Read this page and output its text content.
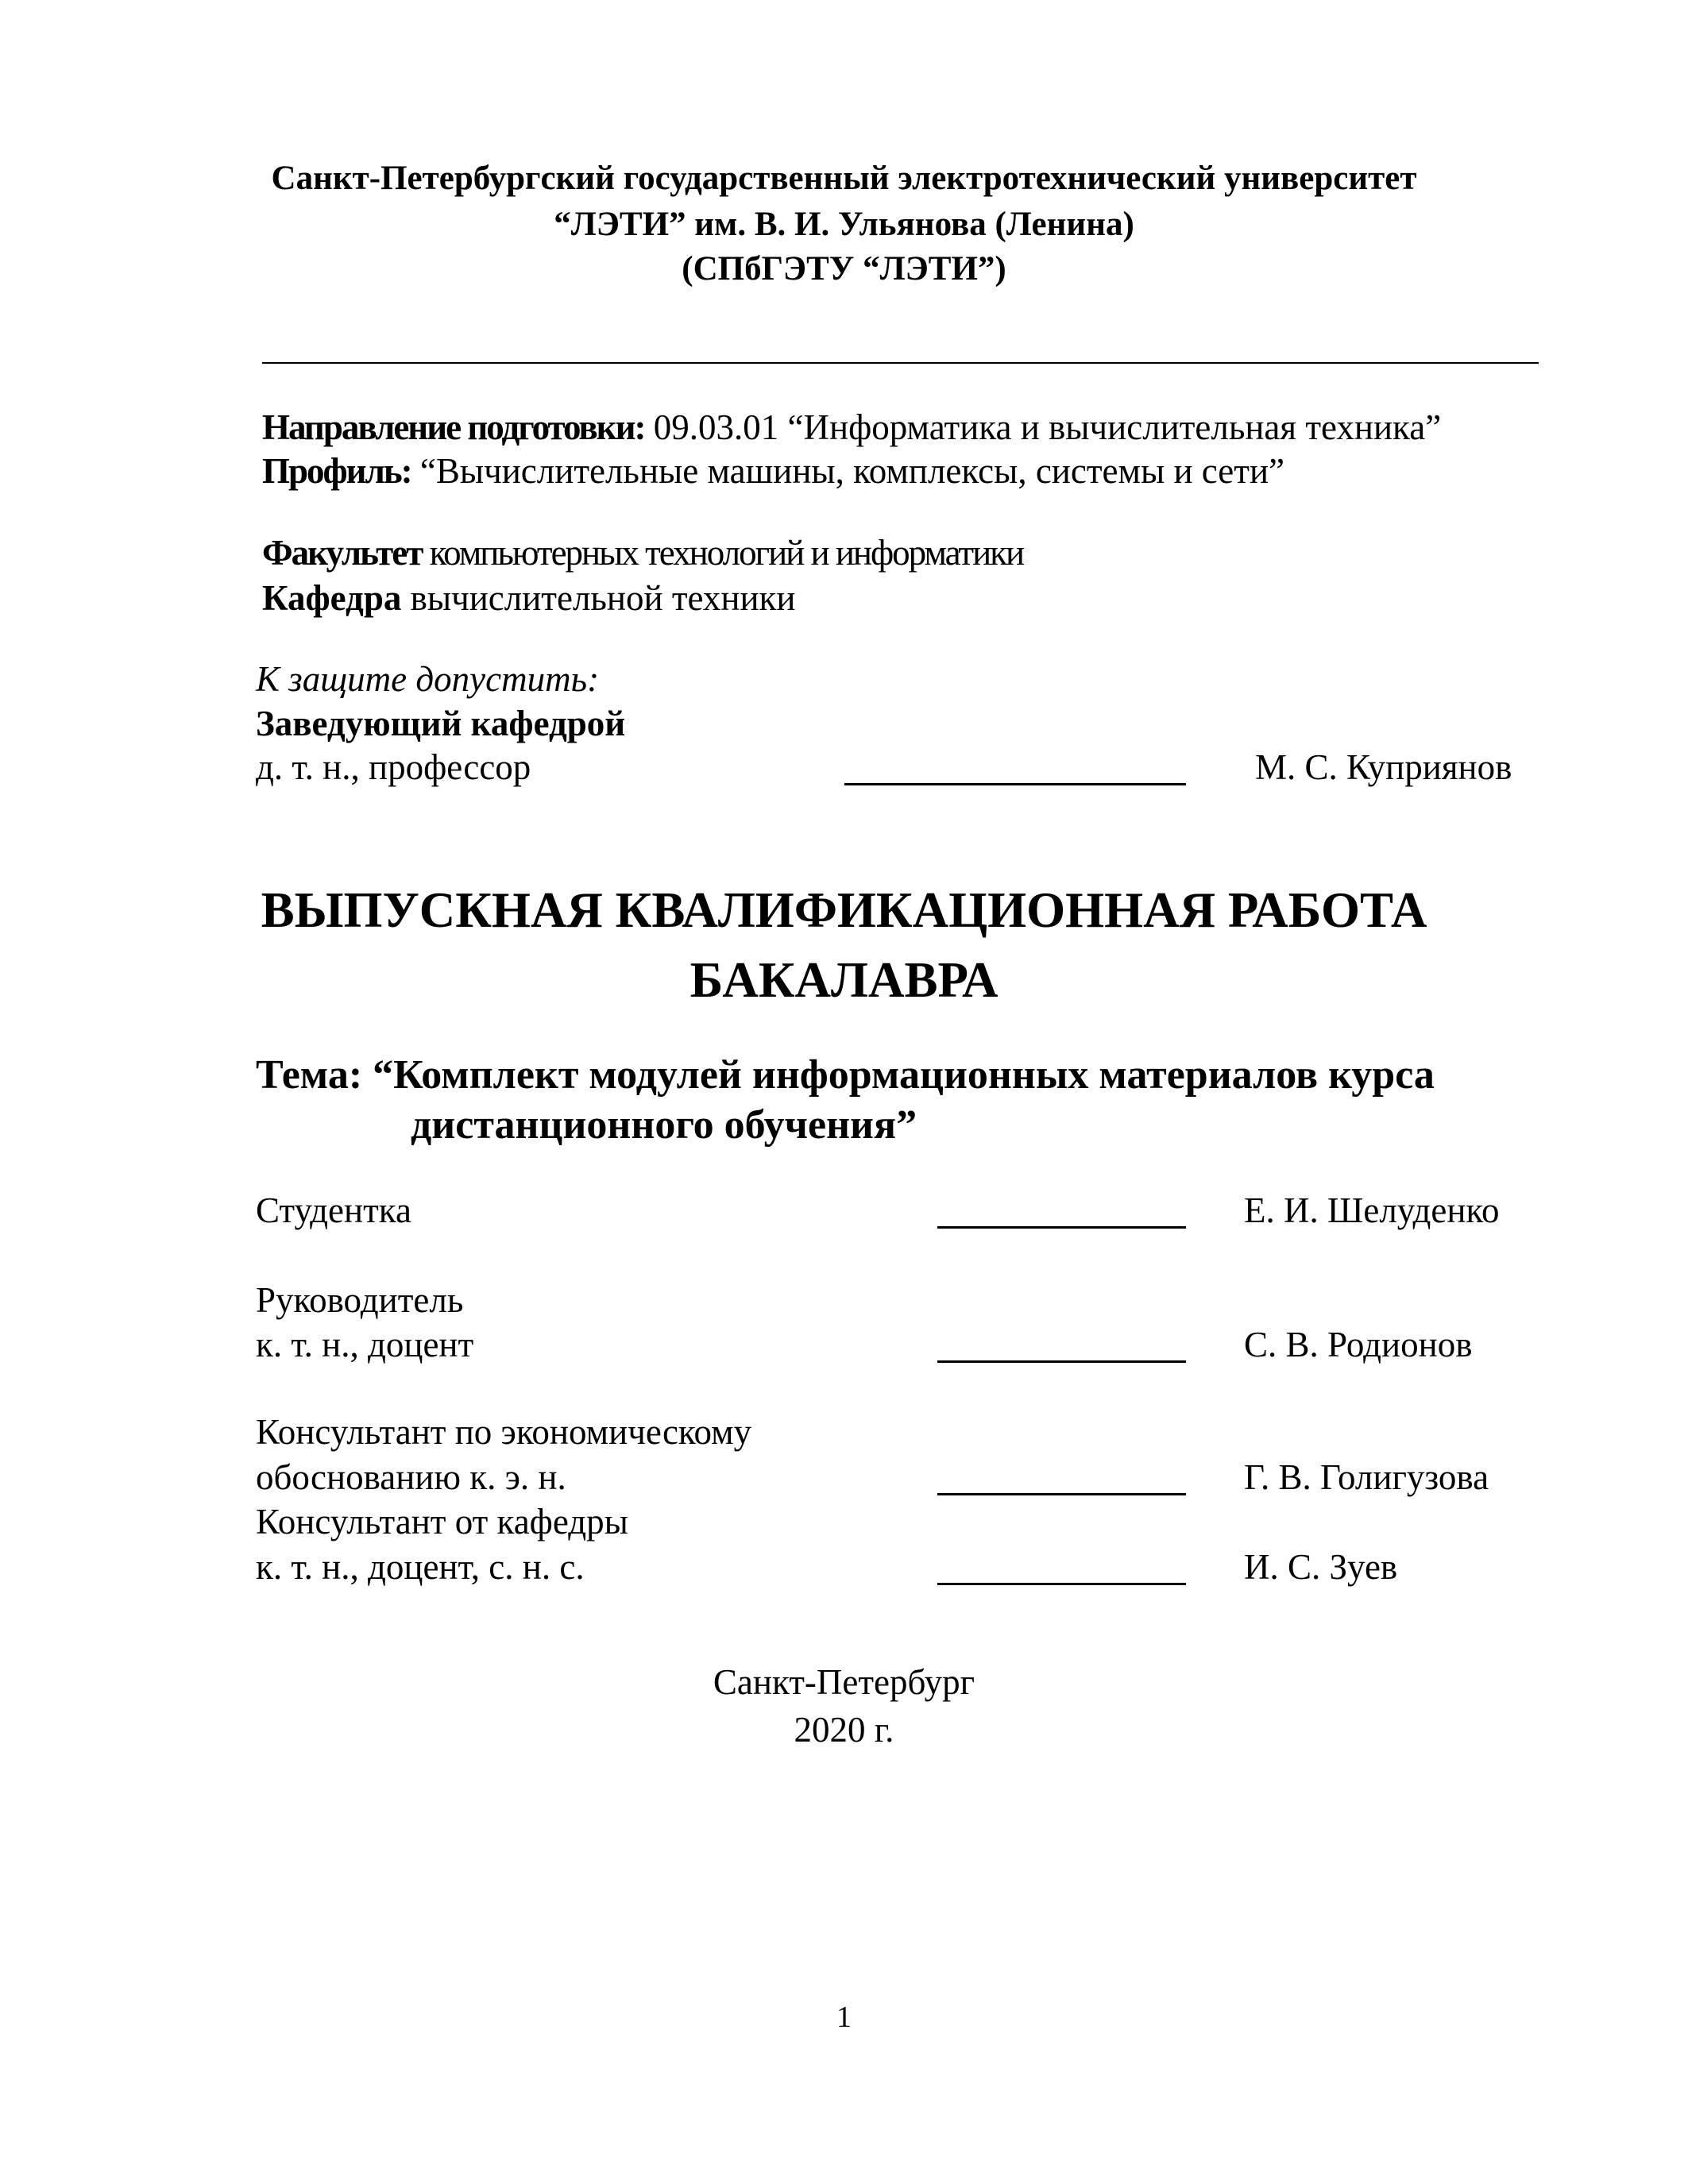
Санкт-Петербургский государственный электротехнический университет
“ЛЭТИ” им. В. И. Ульянова (Ленина)
(СПбГЭТУ “ЛЭТИ”)
Направление подготовки: 09.03.01 “Информатика и вычислительная техника”
Профиль: “Вычислительные машины, комплексы, системы и сети”
Факультет компьютерных технологий и информатики
Кафедра вычислительной техники
К защите допустить:
Заведующий кафедрой
д. т. н., профессор	М. С. Куприянов
ВЫПУСКНАЯ КВАЛИФИКАЦИОННАЯ РАБОТА
БАКАЛАВРА
Тема: “Комплект модулей информационных материалов курса
дистанционного обучения”
Студентка	Е. И. Шелуденко
Руководитель
к. т. н., доцент	С. В. Родионов
Консультант по экономическому
обоснованию к. э. н.	Г. В. Голигузова
Консультант от кафедры
к. т. н., доцент, с. н. с.	И. С. Зуев
Санкт-Петербург
2020 г.
1
